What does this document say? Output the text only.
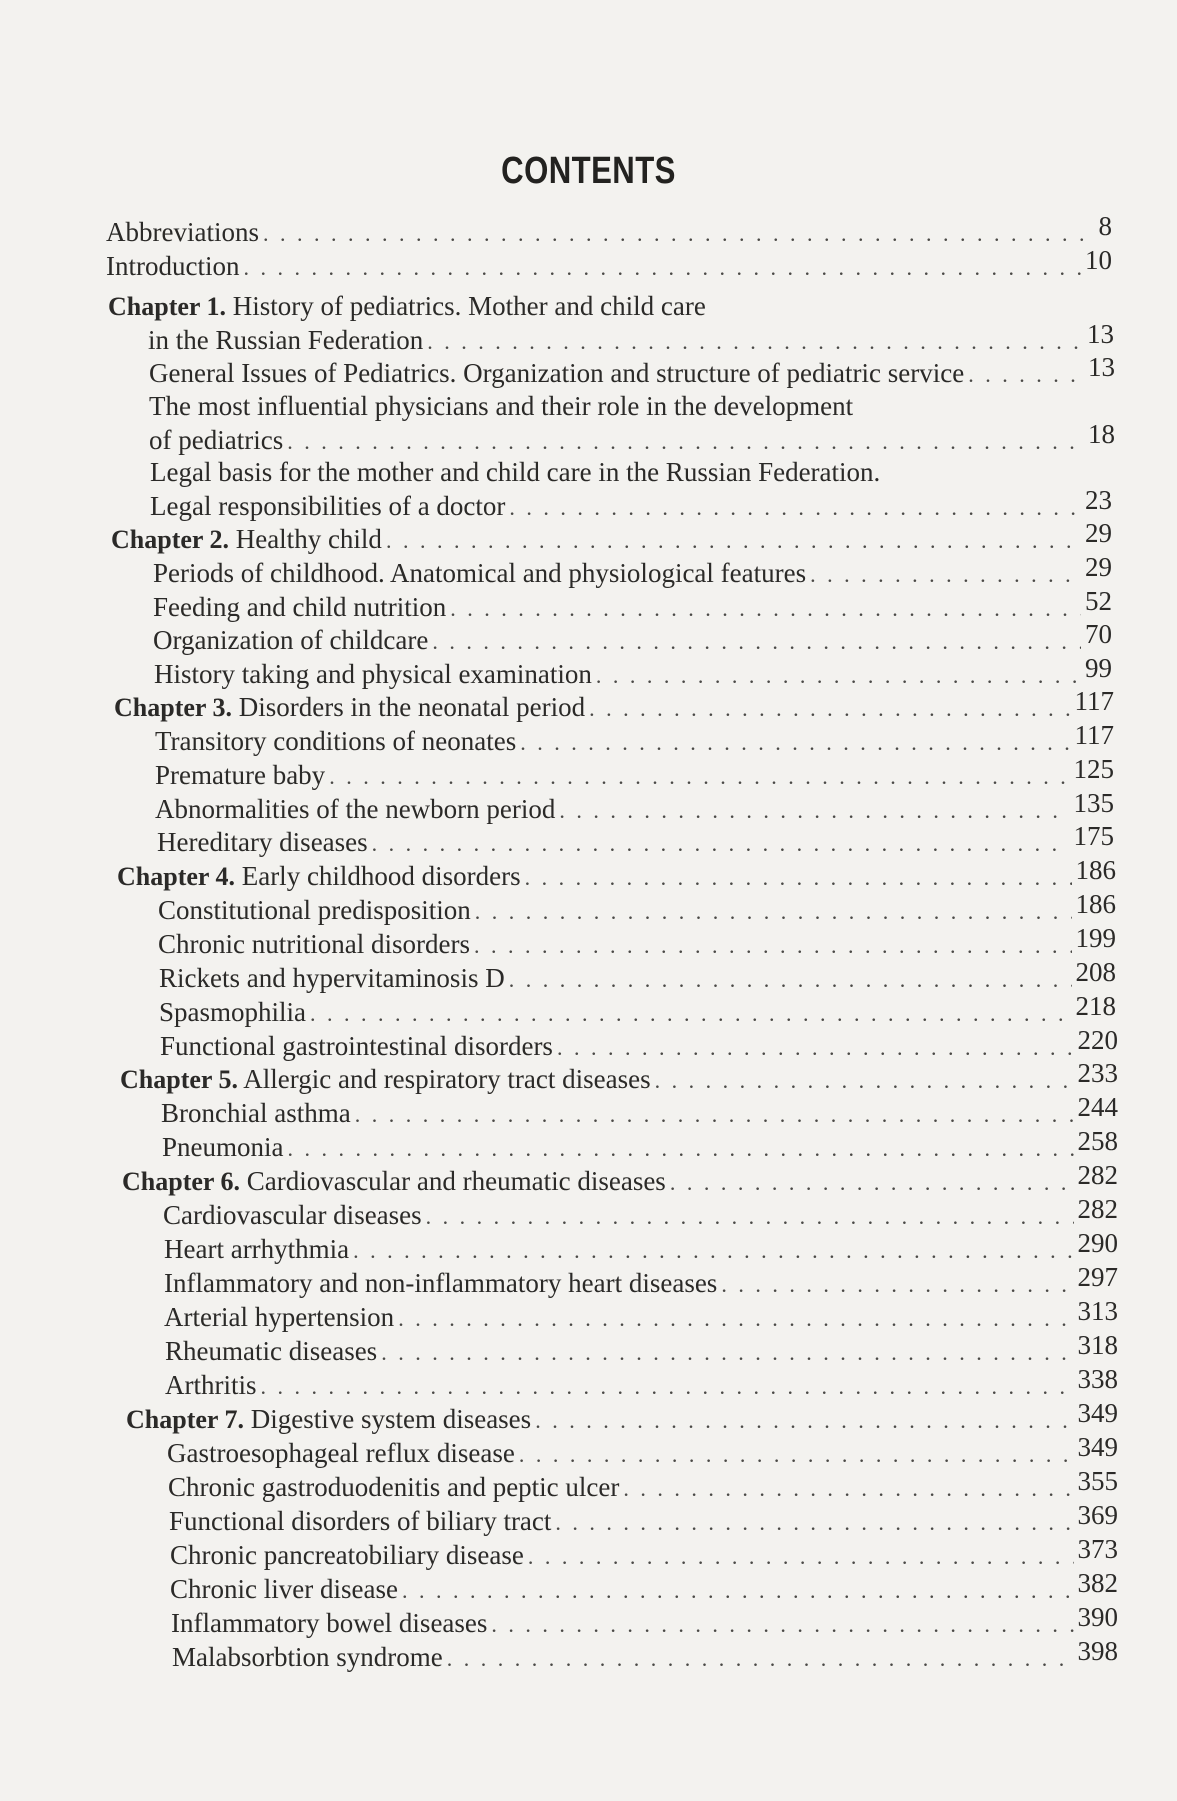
CONTENTS
Abbreviations . . .	8
Introduction . . .	10
Chapter 1. History of pediatrics. Mother and child care
in the Russian Federation . . .	13
General Issues of Pediatrics. Organization and structure of pediatric service . . .	13
The most influential physicians and their role in the development
of pediatrics . . .	18
Legal basis for the mother and child care in the Russian Federation.
Legal responsibilities of a doctor . . .	23
Chapter 2. Healthy child . . .	29
Periods of childhood. Anatomical and physiological features . . .	29
Feeding and child nutrition . . .	52
Organization of childcare . . .	70
History taking and physical examination . . .	99
Chapter 3. Disorders in the neonatal period . . .	117
Transitory conditions of neonates . . .	117
Premature baby . . .	125
Abnormalities of the newborn period . . .	135
Hereditary diseases . . .	175
Chapter 4. Early childhood disorders . . .	186
Constitutional predisposition . . .	186
Chronic nutritional disorders . . .	199
Rickets and hypervitaminosis D . . .	208
Spasmophilia . . .	218
Functional gastrointestinal disorders . . .	220
Chapter 5. Allergic and respiratory tract diseases . . .	233
Bronchial asthma . . .	244
Pneumonia . . .	258
Chapter 6. Cardiovascular and rheumatic diseases . . .	282
Cardiovascular diseases . . .	282
Heart arrhythmia . . .	290
Inflammatory and non-inflammatory heart diseases . . .	297
Arterial hypertension . . .	313
Rheumatic diseases . . .	318
Arthritis . . .	338
Chapter 7. Digestive system diseases . . .	349
Gastroesophageal reflux disease . . .	349
Chronic gastroduodenitis and peptic ulcer . . .	355
Functional disorders of biliary tract . . .	369
Chronic pancreatobiliary disease . . .	373
Chronic liver disease . . .	382
Inflammatory bowel diseases . . .	390
Malabsorbtion syndrome . . .	398
